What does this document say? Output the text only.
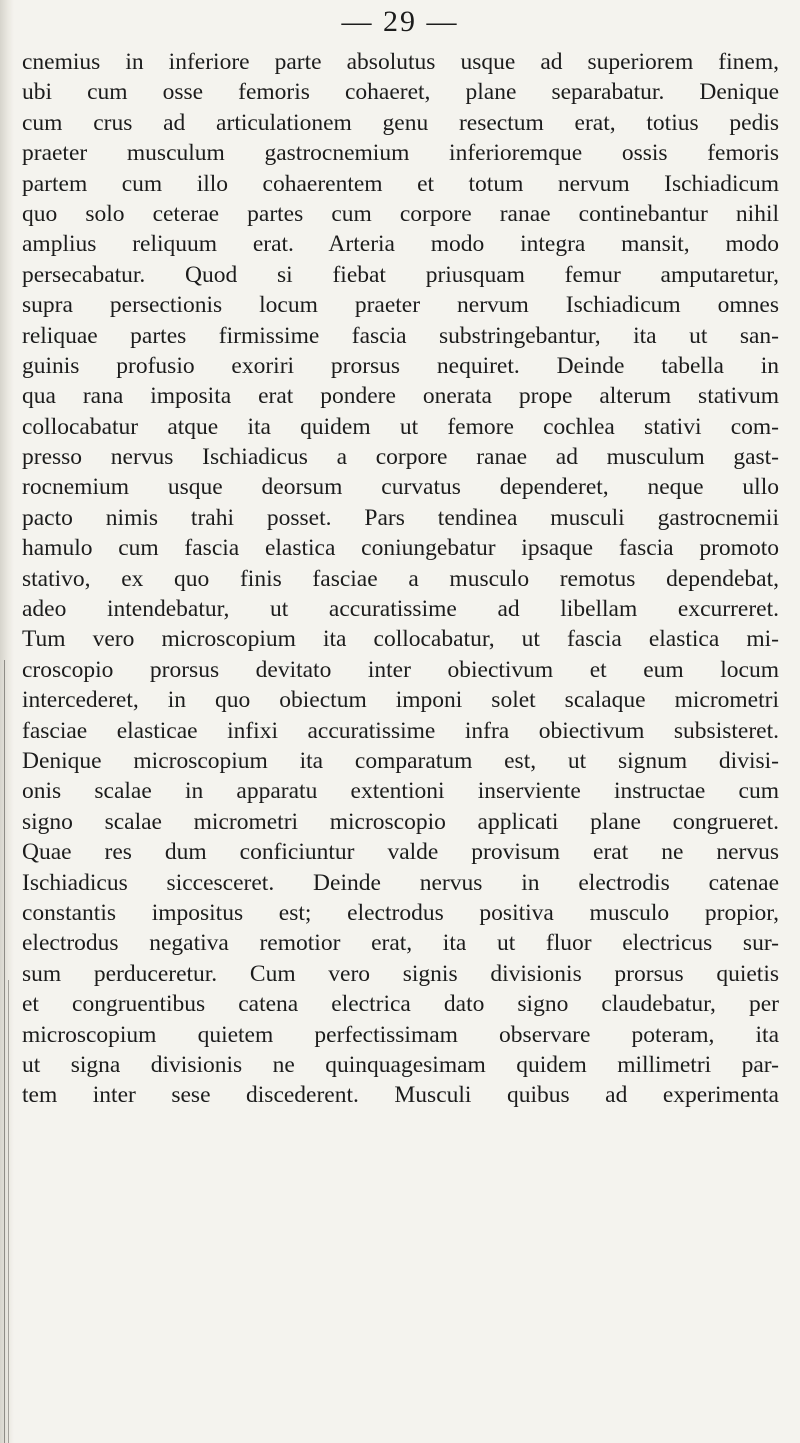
— 29 —
cnemius in inferiore parte absolutus usque ad superiorem finem,
ubi cum osse femoris cohaeret, plane separabatur. Denique
cum crus ad articulationem genu resectum erat, totius pedis
praeter musculum gastrocnemium inferioremque ossis femoris
partem cum illo cohaerentem et totum nervum Ischiadicum
quo solo ceterae partes cum corpore ranae continebantur nihil
amplius reliquum erat. Arteria modo integra mansit, modo
persecabatur. Quod si fiebat priusquam femur amputaretur,
supra persectionis locum praeter nervum Ischiadicum omnes
reliquae partes firmissime fascia substringebantur, ita ut san-
guinis profusio exoriri prorsus nequiret. Deinde tabella in
qua rana imposita erat pondere onerata prope alterum stativum
collocabatur atque ita quidem ut femore cochlea stativi com-
presso nervus Ischiadicus a corpore ranae ad musculum gast-
rocnemium usque deorsum curvatus dependeret, neque ullo
pacto nimis trahi posset. Pars tendinea musculi gastrocnemii
hamulo cum fascia elastica coniungebatur ipsaque fascia promoto
stativo, ex quo finis fasciae a musculo remotus dependebat,
adeo intendebatur, ut accuratissime ad libellam excurreret.
Tum vero microscopium ita collocabatur, ut fascia elastica mi-
croscopio prorsus devitato inter obiectivum et eum locum
intercederet, in quo obiectum imponi solet scalaque micrometri
fasciae elasticae infixi accuratissime infra obiectivum subsisteret.
Denique microscopium ita comparatum est, ut signum divisi-
onis scalae in apparatu extentioni inserviente instructae cum
signo scalae micrometri microscopio applicati plane congrueret.
Quae res dum conficiuntur valde provisum erat ne nervus
Ischiadicus siccesceret. Deinde nervus in electrodis catenae
constantis impositus est; electrodus positiva musculo propior,
electrodus negativa remotior erat, ita ut fluor electricus sur-
sum perduceretur. Cum vero signis divisionis prorsus quietis
et congruentibus catena electrica dato signo claudebatur, per
microscopium quietem perfectissimam observare poteram, ita
ut signa divisionis ne quinquagesimam quidem millimetri par-
tem inter sese discederent. Musculi quibus ad experimenta
